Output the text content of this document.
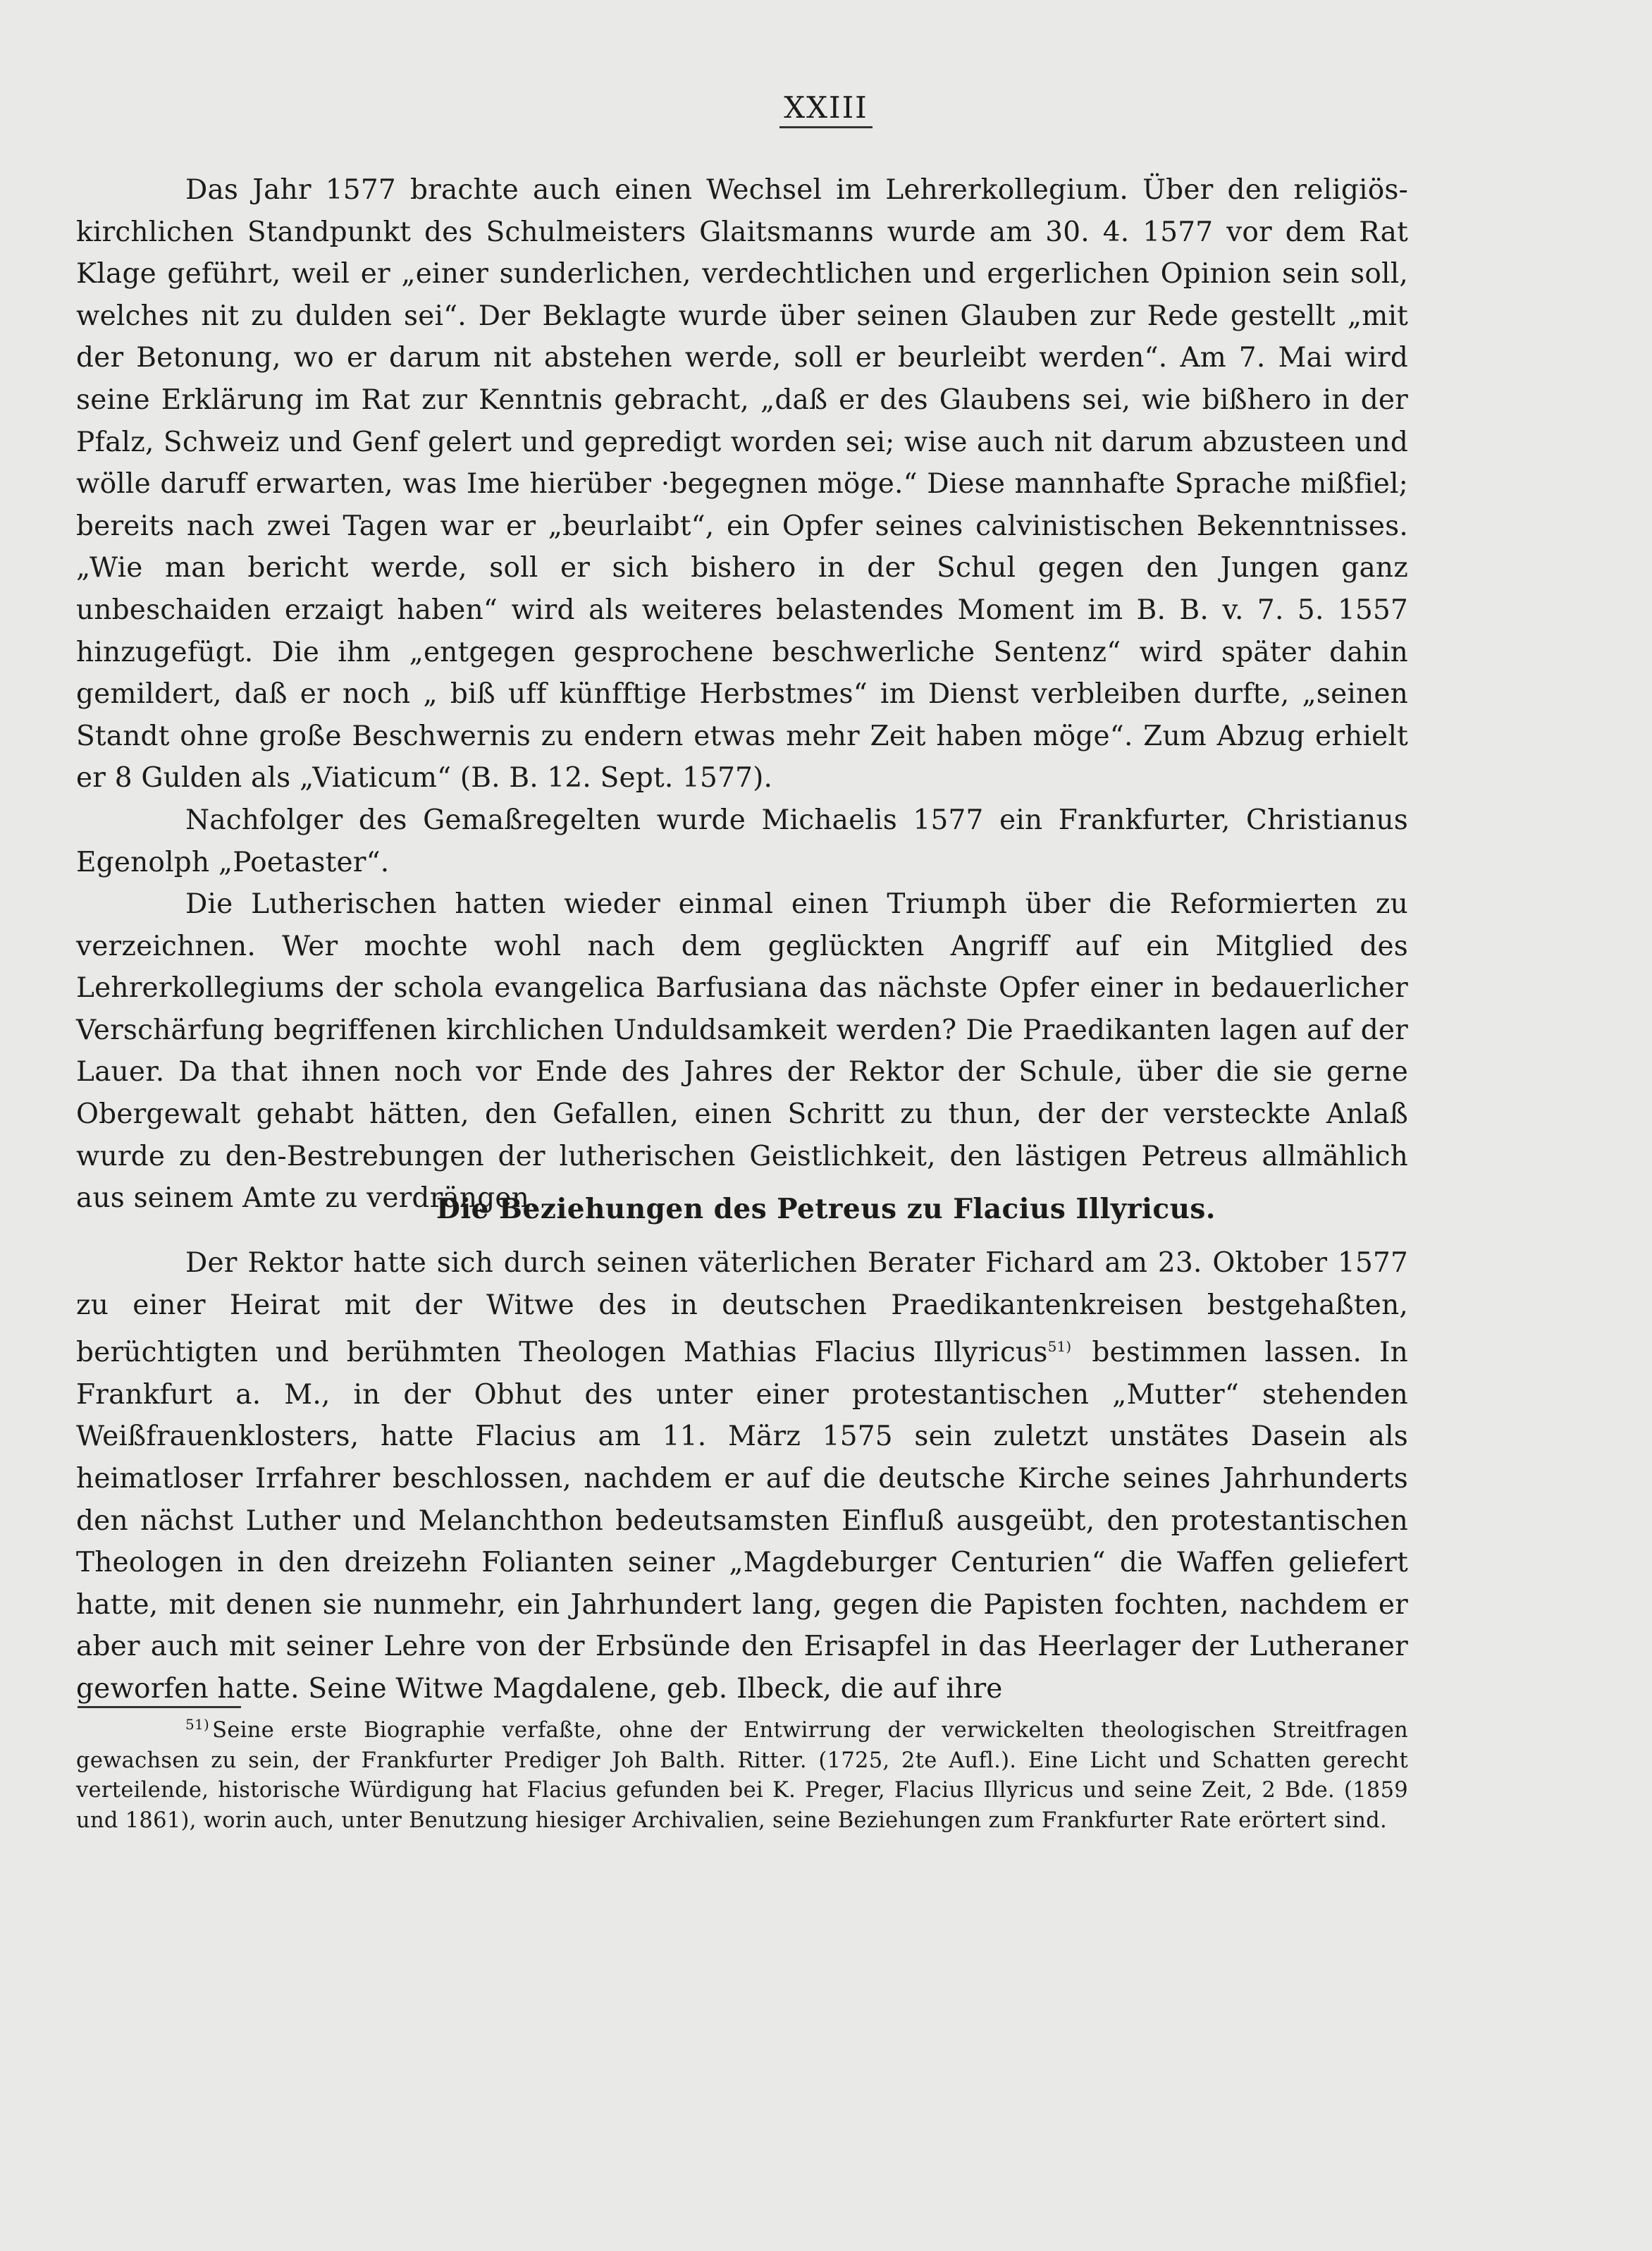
XXIII

Das Jahr 1577 brachte auch einen Wechsel im Lehrerkollegium. Über den religiös-kirchlichen Standpunkt des Schulmeisters Glaitsmanns wurde am 30. 4. 1577 vor dem Rat Klage geführt, weil er „einer sunderlichen, verdechtlichen und ergerlichen Opinion sein soll, welches nit zu dulden sei“. Der Beklagte wurde über seinen Glauben zur Rede gestellt „mit der Betonung, wo er darum nit abstehen werde, soll er beurleibt werden“. Am 7. Mai wird seine Erklärung im Rat zur Kenntnis gebracht, „daß er des Glaubens sei, wie bißhero in der Pfalz, Schweiz und Genf gelert und gepredigt worden sei; wise auch nit darum abzusteen und wölle daruff erwarten, was Ime hierüber ·begegnen möge.“ Diese mannhafte Sprache mißfiel; bereits nach zwei Tagen war er „beurlaibt“, ein Opfer seines calvinistischen Bekenntnisses. „Wie man bericht werde, soll er sich bishero in der Schul gegen den Jungen ganz unbeschaiden erzaigt haben“ wird als weiteres belastendes Moment im B. B. v. 7. 5. 1557 hinzugefügt. Die ihm „entgegen gesprochene beschwerliche Sentenz“ wird später dahin gemildert, daß er noch „ biß uff künfftige Herbstmes“ im Dienst verbleiben durfte, „seinen Standt ohne große Beschwernis zu endern etwas mehr Zeit haben möge“. Zum Abzug erhielt er 8 Gulden als „Viaticum“ (B. B. 12. Sept. 1577).

Nachfolger des Gemaßregelten wurde Michaelis 1577 ein Frankfurter, Christianus Egenolph „Poetaster“.

Die Lutherischen hatten wieder einmal einen Triumph über die Reformierten zu verzeichnen. Wer mochte wohl nach dem geglückten Angriff auf ein Mitglied des Lehrerkollegiums der schola evangelica Barfusiana das nächste Opfer einer in bedauerlicher Verschärfung begriffenen kirchlichen Unduldsamkeit werden? Die Praedikanten lagen auf der Lauer. Da that ihnen noch vor Ende des Jahres der Rektor der Schule, über die sie gerne Obergewalt gehabt hätten, den Gefallen, einen Schritt zu thun, der der versteckte Anlaß wurde zu den-Bestrebungen der lutherischen Geistlichkeit, den lästigen Petreus allmählich aus seinem Amte zu verdrängen.

Die Beziehungen des Petreus zu Flacius Illyricus.

Der Rektor hatte sich durch seinen väterlichen Berater Fichard am 23. Oktober 1577 zu einer Heirat mit der Witwe des in deutschen Praedikantenkreisen bestgehaßten, berüchtigten und berühmten Theologen Mathias Flacius Illyricus$^{51)}$ bestimmen lassen. In Frankfurt a. M., in der Obhut des unter einer protestantischen „Mutter“ stehenden Weißfrauenklosters, hatte Flacius am 11. März 1575 sein zuletzt unstätes Dasein als heimatloser Irrfahrer beschlossen, nachdem er auf die deutsche Kirche seines Jahrhunderts den nächst Luther und Melanchthon bedeutsamsten Einfluß ausgeübt, den protestantischen Theologen in den dreizehn Folianten seiner „Magdeburger Centurien“ die Waffen geliefert hatte, mit denen sie nunmehr, ein Jahrhundert lang, gegen die Papisten fochten, nachdem er aber auch mit seiner Lehre von der Erbsünde den Erisapfel in das Heerlager der Lutheraner geworfen hatte. Seine Witwe Magdalene, geb. Ilbeck, die auf ihre

$^{51)}$ Seine erste Biographie verfaßte, ohne der Entwirrung der verwickelten theologischen Streitfragen gewachsen zu sein, der Frankfurter Prediger Joh Balth. Ritter. (1725, 2te Aufl.). Eine Licht und Schatten gerecht verteilende, historische Würdigung hat Flacius gefunden bei K. Preger, Flacius Illyricus und seine Zeit, 2 Bde. (1859 und 1861), worin auch, unter Benutzung hiesiger Archivalien, seine Beziehungen zum Frankfurter Rate erörtert sind.
